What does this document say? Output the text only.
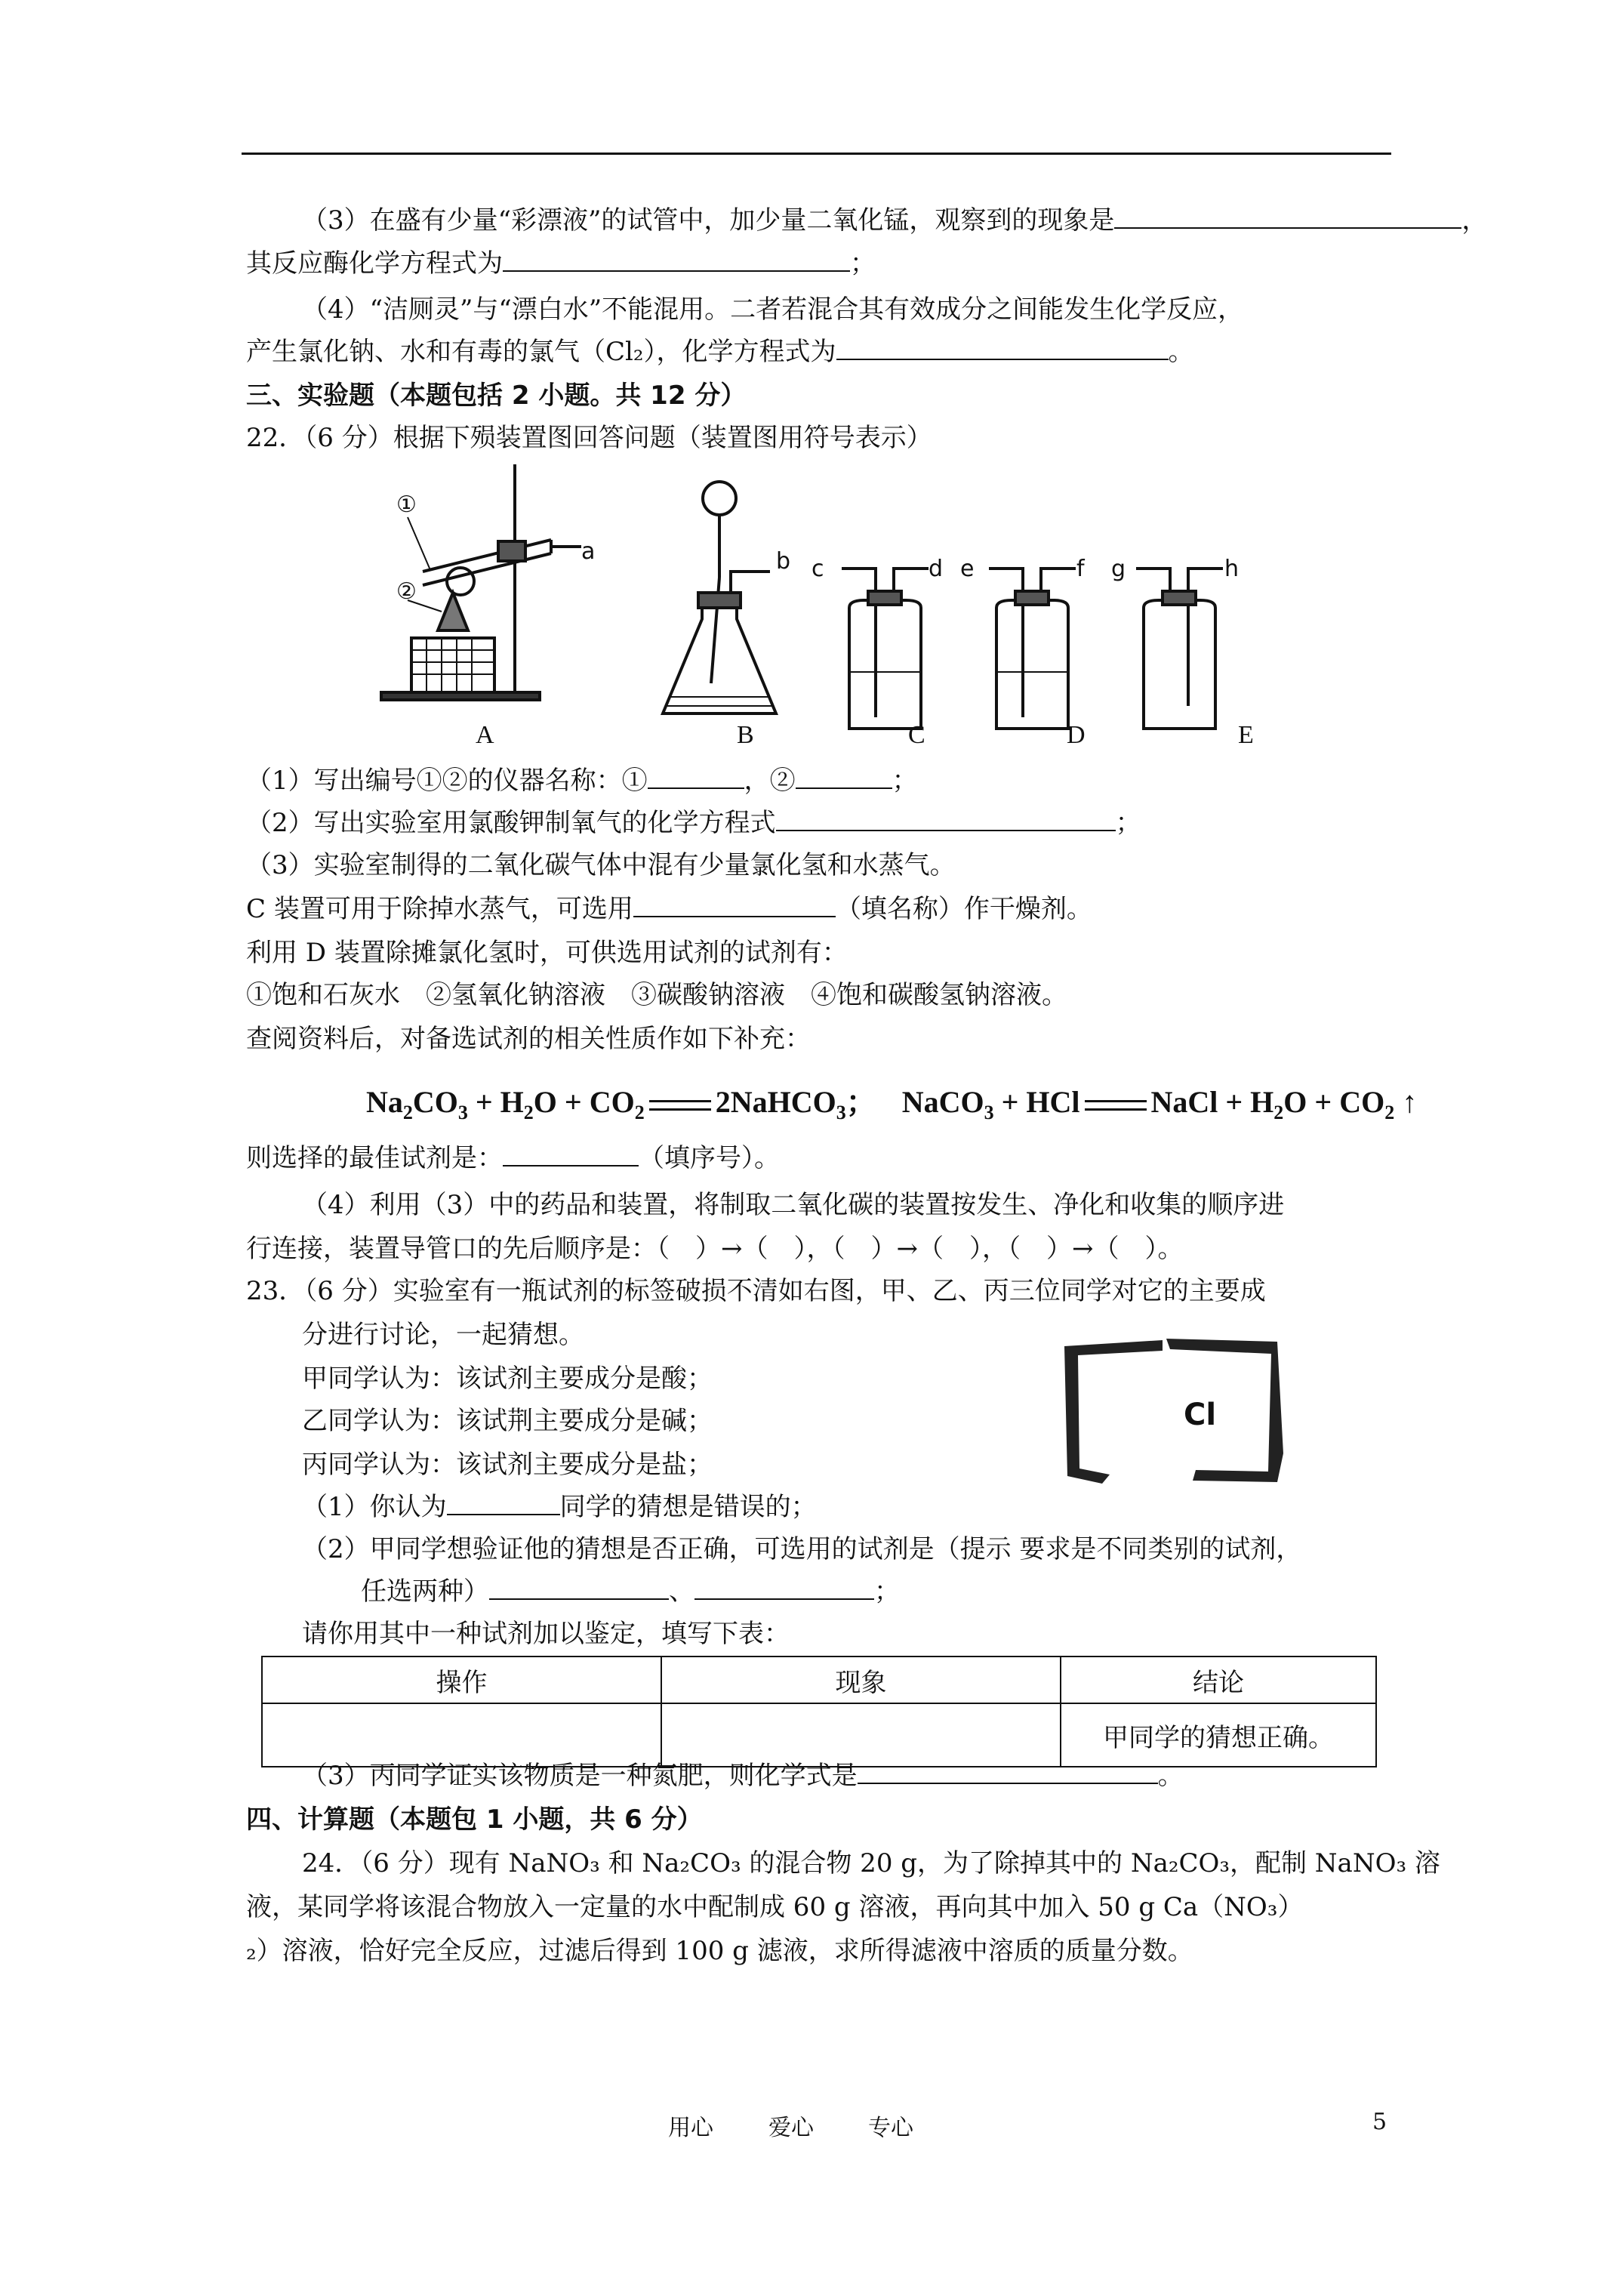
（3）在盛有少量“彩漂液”的试管中，加少量二氧化锰，观察到的现象是	，
其反应酶化学方程式为	；
（4）“洁厕灵”与“漂白水”不能混用。二者若混合其有效成分之间能发生化学反应，
产生氯化钠、水和有毒的氯气（Cl₂），化学方程式为	。
三、实验题（本题包括 2 小题。共 12 分）
22．（6 分）根据下殒装置图回答问题（装置图用符号表示）
①
②
a	b c	d e	f g	h
A	B	C	D	E
（1）写出编号①②的仪器名称：①	，②	；
（2）写出实验室用氯酸钾制氧气的化学方程式	；
（3）实验室制得的二氧化碳气体中混有少量氯化氢和水蒸气。
C 装置可用于除掉水蒸气，可选用	（填名称）作干燥剂。
利用 D 装置除摊氯化氢时，可供选用试剂的试剂有：
①饱和石灰水　②氢氧化钠溶液　③碳酸钠溶液　④饱和碳酸氢钠溶液。
查阅资料后，对备选试剂的相关性质作如下补充：
$Na_2CO_3 + H_2O + CO_2$ 2NaHCO$_3$； NaCO$_3$ + HCl NaCl + $H_2O + CO_2$ ↑
则选择的最佳试剂是：	（填序号）。
（4）利用（3）中的药品和装置，将制取二氧化碳的装置按发生、净化和收集的顺序进
行连接，装置导管口的先后顺序是：（　）→（　），（　）→（　），（　）→（　）。
23．（6 分）实验室有一瓶试剂的标签破损不清如右图，甲、乙、丙三位同学对它的主要成
分进行讨论，一起猜想。
甲同学认为：该试剂主要成分是酸；
乙同学认为：该试荆主要成分是碱；
丙同学认为：该试剂主要成分是盐；
Cl
（1）你认为	同学的猜想是错误的；
（2）甲同学想验证他的猜想是否正确，可选用的试剂是（提示 要求是不同类别的试剂，
任选两种）	、	；
请你用其中一种试剂加以鉴定，填写下表：
操作	现象	结论
		甲同学的猜想正确。
（3）丙同学证实该物质是一种氮肥，则化学式是	。
四、计算题（本题包 1 小题，共 6 分）
24．（6 分）现有 NaNO₃ 和 Na₂CO₃ 的混合物 20 g，为了除掉其中的 Na₂CO₃，配制 NaNO₃ 溶
液，某同学将该混合物放入一定量的水中配制成 60 g 溶液，再向其中加入 50 g Ca（NO₃）
₂）溶液，恰好完全反应，过滤后得到 100 g 滤液，求所得滤液中溶质的质量分数。
用心 爱心 专心	5
